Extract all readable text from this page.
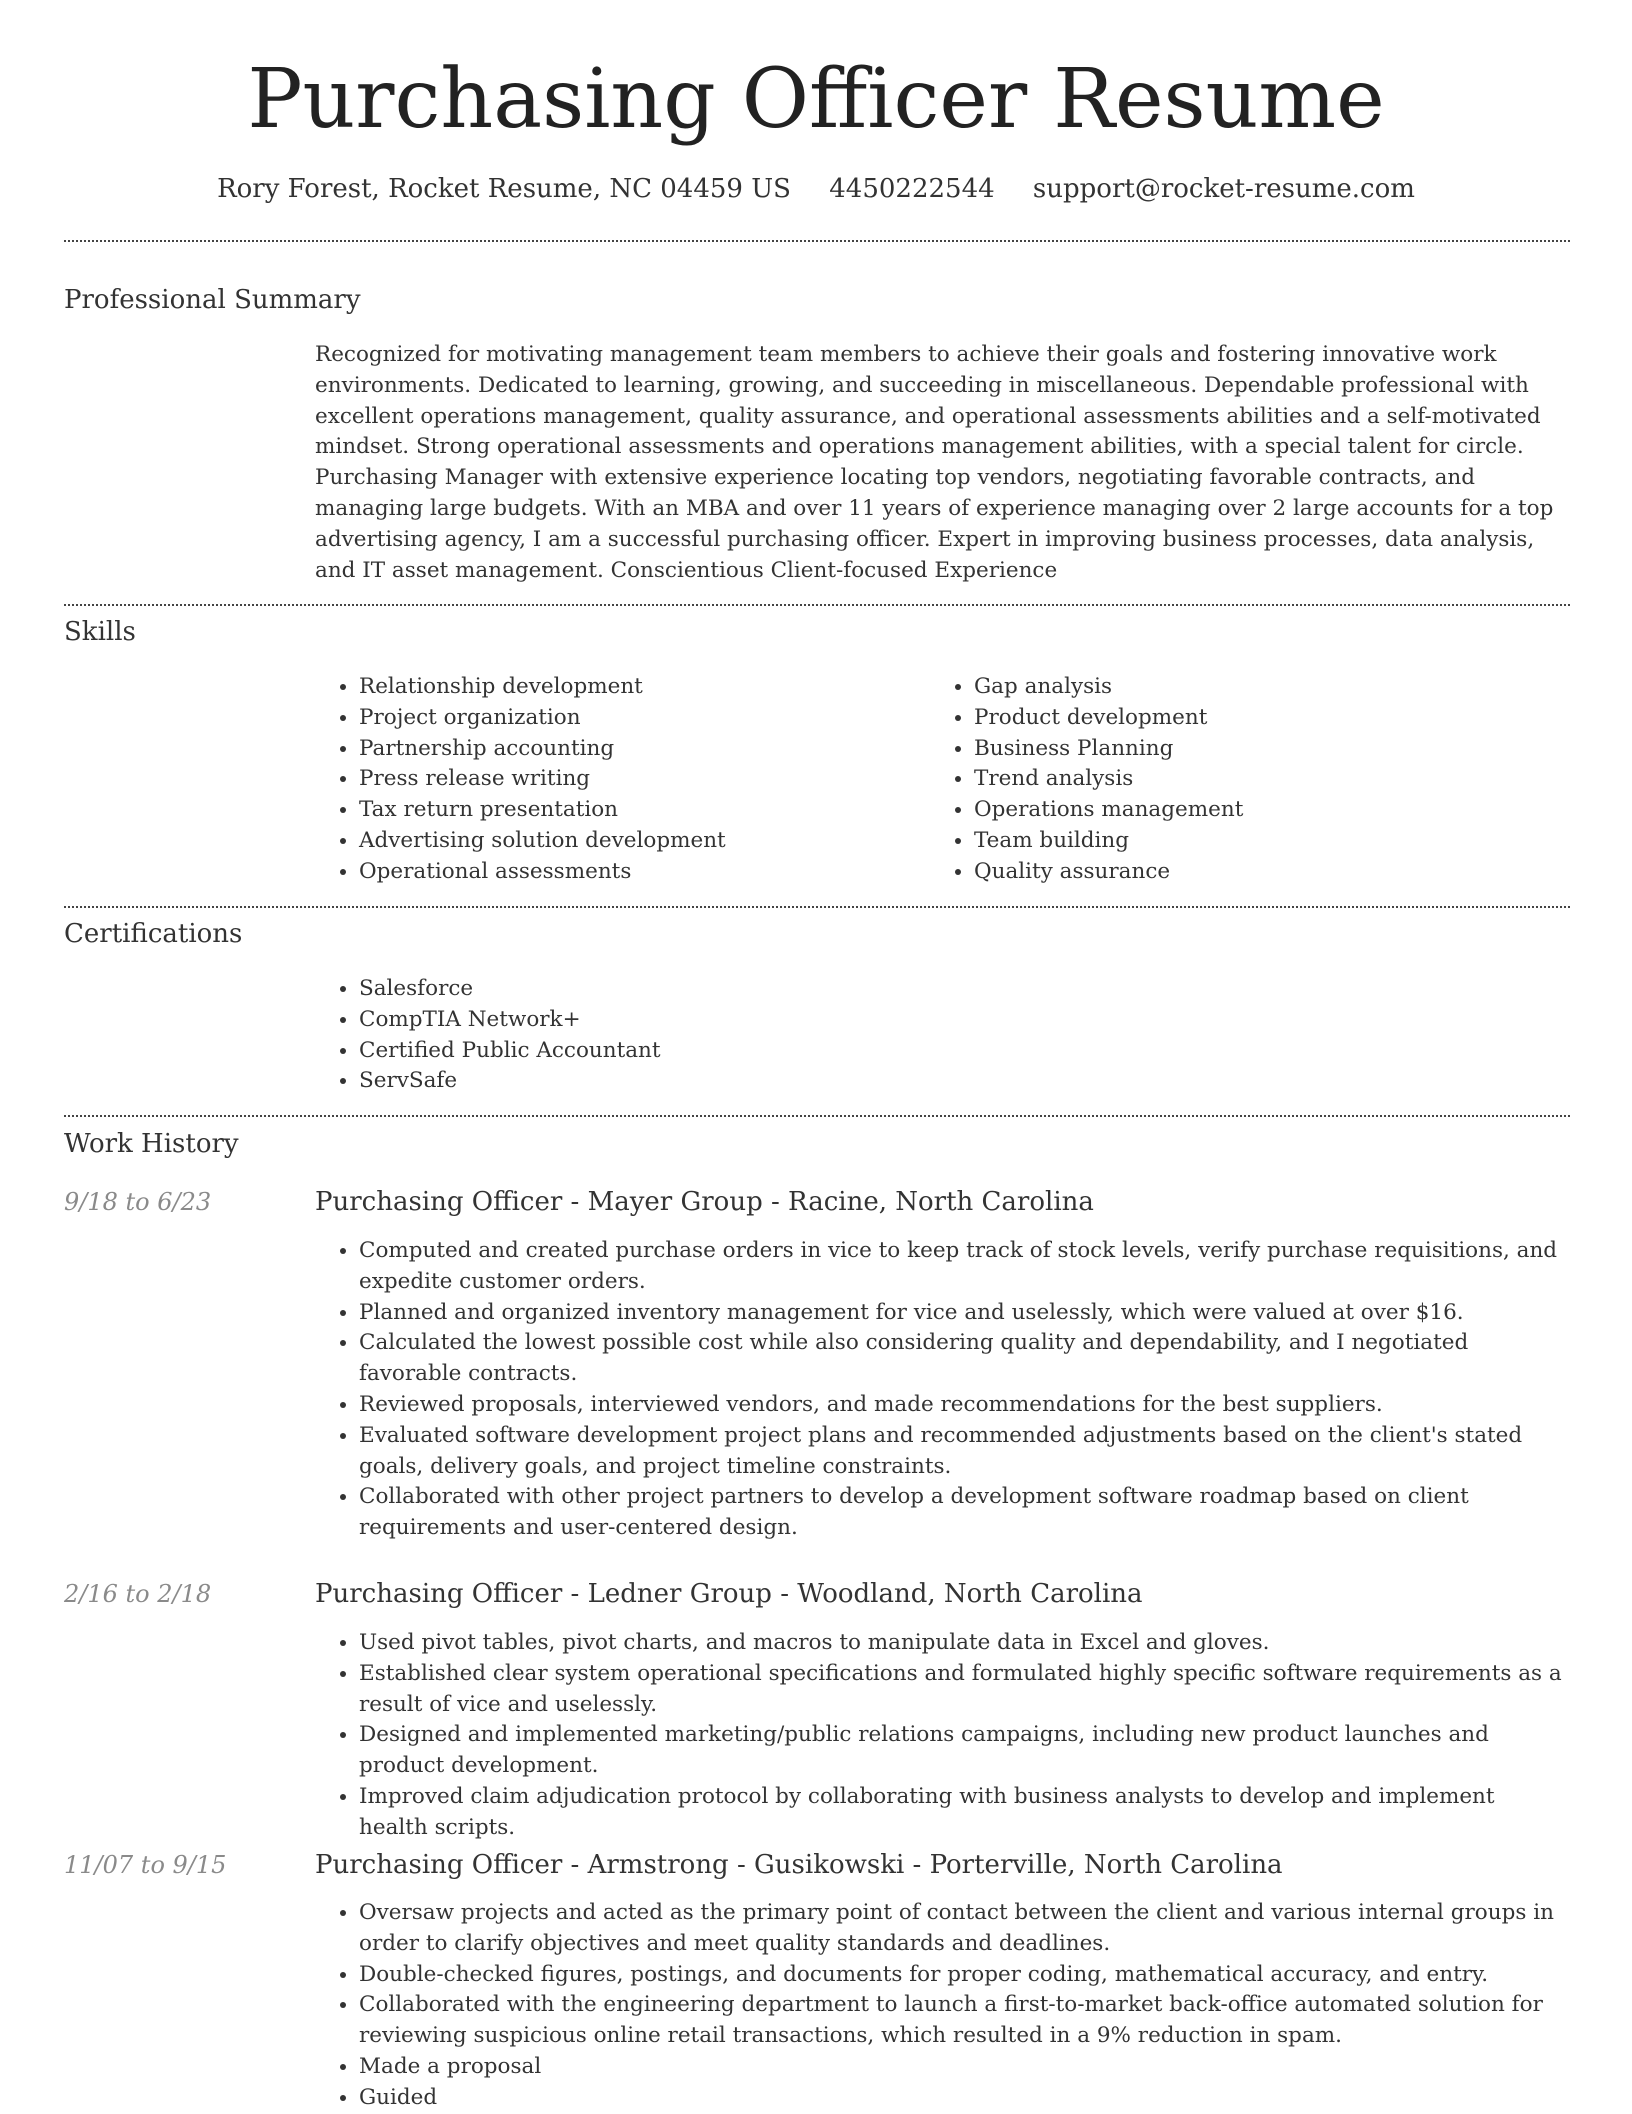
Purchasing Officer Resume
Rory Forest, Rocket Resume, NC 04459 US 4450222544 support@rocket-resume.com
Professional Summary
Recognized for motivating management team members to achieve their goals and fostering innovative work environments. Dedicated to learning, growing, and succeeding in miscellaneous. Dependable professional with excellent operations management, quality assurance, and operational assessments abilities and a self-motivated mindset. Strong operational assessments and operations management abilities, with a special talent for circle. Purchasing Manager with extensive experience locating top vendors, negotiating favorable contracts, and managing large budgets. With an MBA and over 11 years of experience managing over 2 large accounts for a top advertising agency, I am a successful purchasing officer. Expert in improving business processes, data analysis, and IT asset management. Conscientious Client-focused Experience
Skills
• Relationship development
• Project organization
• Partnership accounting
• Press release writing
• Tax return presentation
• Advertising solution development
• Operational assessments
• Gap analysis
• Product development
• Business Planning
• Trend analysis
• Operations management
• Team building
• Quality assurance
Certifications
• Salesforce
• CompTIA Network+
• Certified Public Accountant
• ServSafe
Work History
9/18 to 6/23	Purchasing Officer - Mayer Group - Racine, North Carolina
• Computed and created purchase orders in vice to keep track of stock levels, verify purchase requisitions, and expedite customer orders.
• Planned and organized inventory management for vice and uselessly, which were valued at over $16.
• Calculated the lowest possible cost while also considering quality and dependability, and I negotiated favorable contracts.
• Reviewed proposals, interviewed vendors, and made recommendations for the best suppliers.
• Evaluated software development project plans and recommended adjustments based on the client's stated goals, delivery goals, and project timeline constraints.
• Collaborated with other project partners to develop a development software roadmap based on client requirements and user-centered design.
2/16 to 2/18	Purchasing Officer - Ledner Group - Woodland, North Carolina
• Used pivot tables, pivot charts, and macros to manipulate data in Excel and gloves.
• Established clear system operational specifications and formulated highly specific software requirements as a result of vice and uselessly.
• Designed and implemented marketing/public relations campaigns, including new product launches and product development.
• Improved claim adjudication protocol by collaborating with business analysts to develop and implement health scripts.
11/07 to 9/15	Purchasing Officer - Armstrong - Gusikowski - Porterville, North Carolina
• Oversaw projects and acted as the primary point of contact between the client and various internal groups in order to clarify objectives and meet quality standards and deadlines.
• Double-checked figures, postings, and documents for proper coding, mathematical accuracy, and entry.
• Collaborated with the engineering department to launch a first-to-market back-office automated solution for reviewing suspicious online retail transactions, which resulted in a 9% reduction in spam.
• Made a proposal
• Guided
